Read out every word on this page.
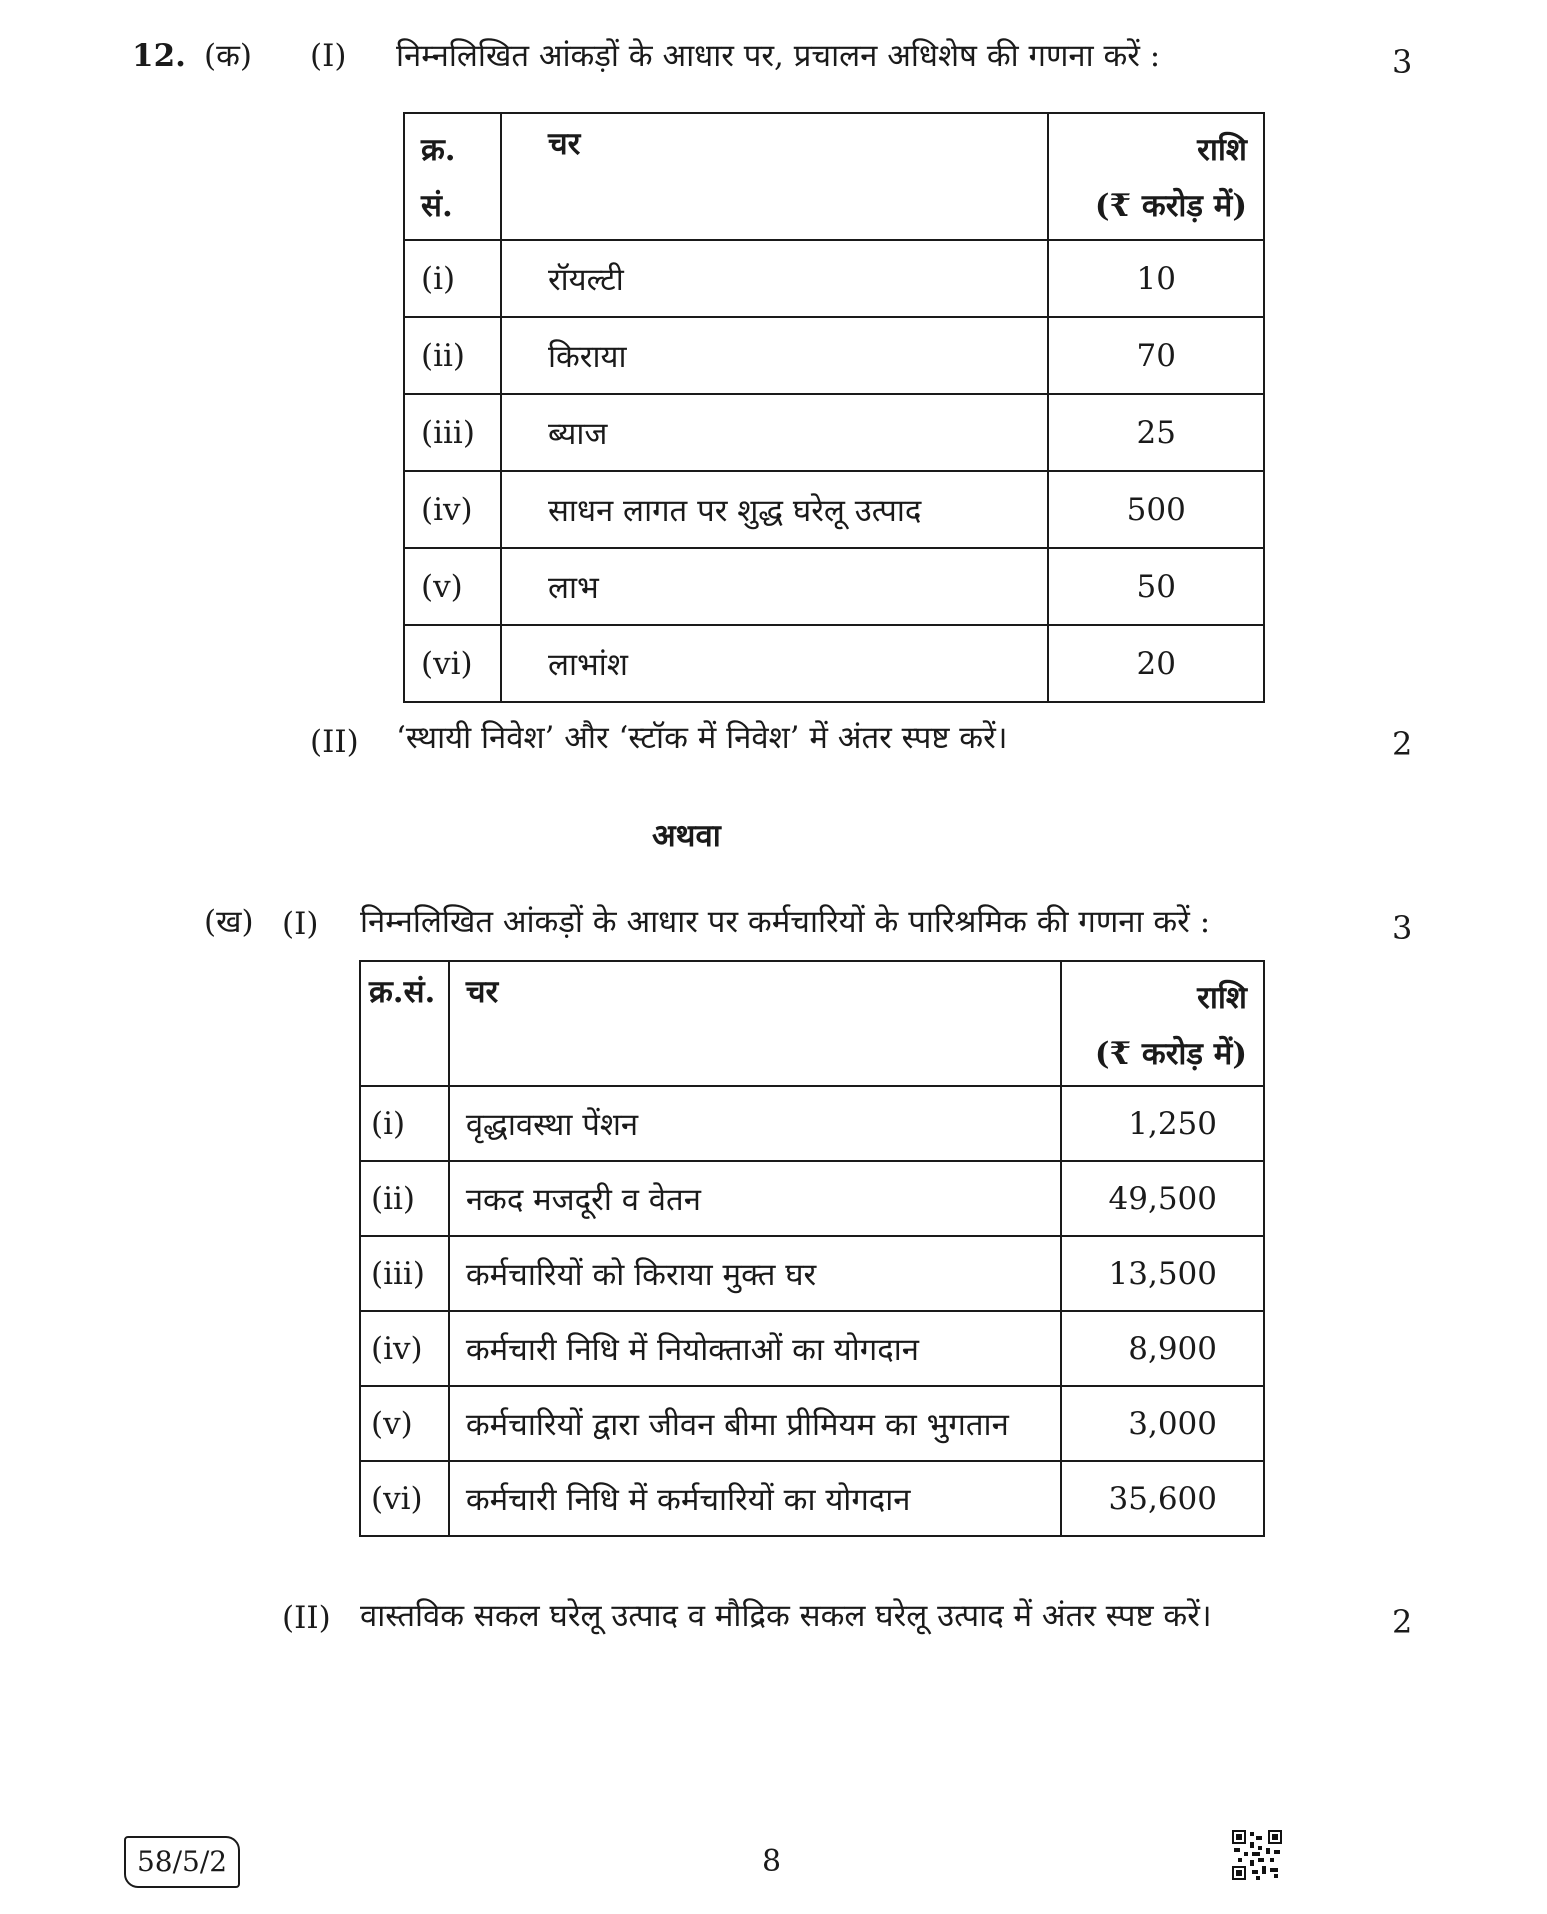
12. (क) (I) निम्नलिखित आंकड़ों के आधार पर, प्रचालन अधिशेष की गणना करें :	3
क्र.
सं.	चर	राशि
(₹ करोड़ में)
(i)	रॉयल्टी	10
(ii)	किराया	70
(iii)	ब्याज	25
(iv)	साधन लागत पर शुद्ध घरेलू उत्पाद	500
(v)	लाभ	50
(vi)	लाभांश	20
(II) ‘स्थायी निवेश’ और ‘स्टॉक में निवेश’ में अंतर स्पष्ट करें।	2
अथवा
(ख) (I) निम्नलिखित आंकड़ों के आधार पर कर्मचारियों के पारिश्रमिक की गणना करें :	3
क्र.सं.	चर	राशि
(₹ करोड़ में)
(i)	वृद्धावस्था पेंशन	1,250
(ii)	नकद मजदूरी व वेतन	49,500
(iii)	कर्मचारियों को किराया मुक्त घर	13,500
(iv)	कर्मचारी निधि में नियोक्ताओं का योगदान	8,900
(v)	कर्मचारियों द्वारा जीवन बीमा प्रीमियम का भुगतान	3,000
(vi)	कर्मचारी निधि में कर्मचारियों का योगदान	35,600
(II) वास्तविक सकल घरेलू उत्पाद व मौद्रिक सकल घरेलू उत्पाद में अंतर स्पष्ट करें।	2
58/5/2	8
